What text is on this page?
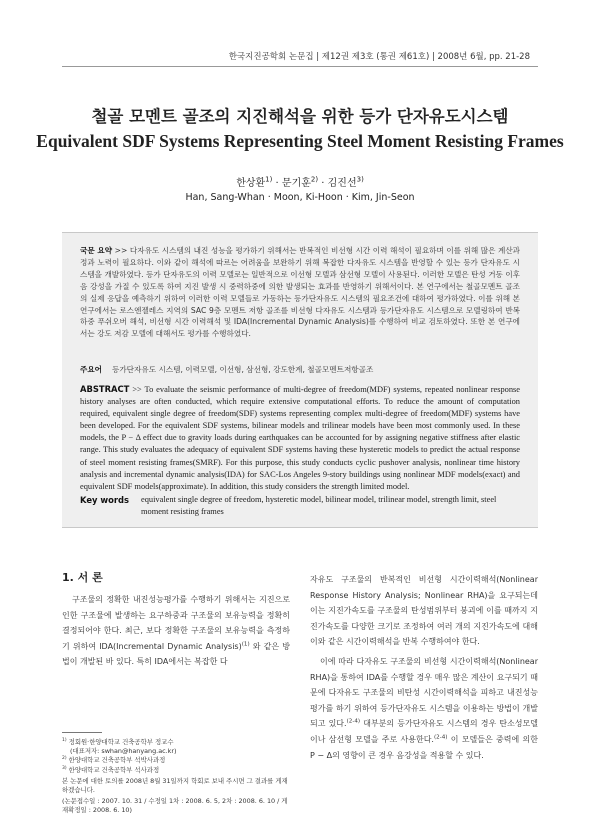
한국지진공학회 논문집 | 제12권 제3호 (통권 제61호) | 2008년 6월, pp. 21-28
철골 모멘트 골조의 지진해석을 위한 등가 단자유도시스템
Equivalent SDF Systems Representing Steel Moment Resisting Frames
한상환$^{1)}$ · 문기훈$^{2)}$ · 김진선$^{3)}$
Han, Sang-Whan · Moon, Ki-Hoon · Kim, Jin-Seon
국문 요약 >> 다자유도 시스템의 내진 성능을 평가하기 위해서는 반복적인 비선형 시간 이력 해석이 필요하며 이를 위해 많은 계산과정과 노력이 필요하다. 이와 같이 해석에 따르는 어려움을 보완하기 위해 복잡한 다자유도 시스템을 반영할 수 있는 등가 단자유도 시스템을 개발하였다. 등가 단자유도의 이력 모델로는 일반적으로 이선형 모델과 삼선형 모델이 사용된다. 이러한 모델은 탄성 거동 이후 음 강성을 가질 수 있도록 하여 지진 발생 시 중력하중에 의한 발생되는 효과를 반영하기 위해서이다. 본 연구에서는 철골모멘트 골조의 실제 응답을 예측하기 위하여 이러한 이력 모델들로 가동하는 등가단자유도 시스템의 필요조건에 대하여 평가하였다. 이를 위해 본 연구에서는 로스엔젤레스 지역의 SAC 9층 모멘트 저항 골조를 비선형 다자유도 시스템과 등가단자유도 시스템으로 모델링하여 반복하중 푸쉬오버 해석, 비선형 시간 이력해석 및 IDA(Incremental Dynamic Analysis)를 수행하여 비교 검토하였다. 또한 본 연구에서는 강도 저감 모델에 대해서도 평가를 수행하였다.
주요어 등가단자유도 시스템, 이력모델, 이선형, 삼선형, 강도한계, 철골모멘트저항골조
ABSTRACT >> To evaluate the seismic performance of multi-degree of freedom(MDF) systems, repeated nonlinear response history analyses are often conducted, which require extensive computational efforts. To reduce the amount of computation required, equivalent single degree of freedom(SDF) systems representing complex multi-degree of freedom(MDF) systems have been developed. For the equivalent SDF systems, bilinear models and trilinear models have been most commonly used. In these models, the P − Δ effect due to gravity loads during earthquakes can be accounted for by assigning negative stiffness after elastic range. This study evaluates the adequacy of equivalent SDF systems having these hysteretic models to predict the actual response of steel moment resisting frames(SMRF). For this purpose, this study conducts cyclic pushover analysis, nonlinear time history analysis and incremental dynamic analysis(IDA) for SAC-Los Angeles 9-story buildings using nonlinear MDF models(exact) and equivalent SDF models(approximate). In addition, this study considers the strength limited model.
Key words equivalent single degree of freedom, hysteretic model, bilinear model, trilinear model, strength limit, steel moment resisting frames
1. 서 론

구조물의 정확한 내진성능평가를 수행하기 위해서는 지진으로 인한 구조물에 발생하는 요구하중과 구조물의 보유능력을 정확히 결정되어야 한다. 최근, 보다 정확한 구조물의 보유능력을 측정하기 위하여 IDA(Incremental Dynamic Analysis)$^{(1)}$ 와 같은 방법이 개발된 바 있다. 특히 IDA에서는 복잡한 다

자유도 구조물의 반복적인 비선형 시간이력해석(Nonlinear Response History Analysis; Nonlinear RHA)을 요구되는데 이는 지진가속도를 구조물의 탄성범위부터 붕괴에 이를 때까지 지진가속도를 다양한 크기로 조정하여 여러 개의 지진가속도에 대해 이와 같은 시간이력해석을 반복 수행하여야 한다.

이에 따라 다자유도 구조물의 비선형 시간이력해석(Nonlinear RHA)을 통하여 IDA를 수행할 경우 매우 많은 계산이 요구되기 때문에 다자유도 구조물의 비탄성 시간이력해석을 피하고 내진성능평가를 하기 위하여 등가단자유도 시스템을 이용하는 방법이 개발되고 있다.$^{(2-4)}$ 대부분의 등가단자유도 시스템의 경우 탄소성모델이나 삼선형 모델을 주로 사용한다.$^{(2-4)}$ 이 모델들은 중력에 의한 P − Δ의 영향이 큰 경우 음강성을 적용할 수 있다.

$^{1)}$ 정회원·한양대학교 건축공학부 정교수
(대표저자: swhan@hanyang.ac.kr)
$^{2)}$ 한양대학교 건축공학부 석박사과정
$^{3)}$ 한양대학교 건축공학부 석사과정
본 논문에 대한 토의를 2008년 8월 31일까지 학회로 보내 주시면 그 결과를 게재하겠습니다.
(논문접수일 : 2007. 10. 31 / 수정일 1차 : 2008. 6. 5, 2차 : 2008. 6. 10 / 게재확정일 : 2008. 6. 10)
